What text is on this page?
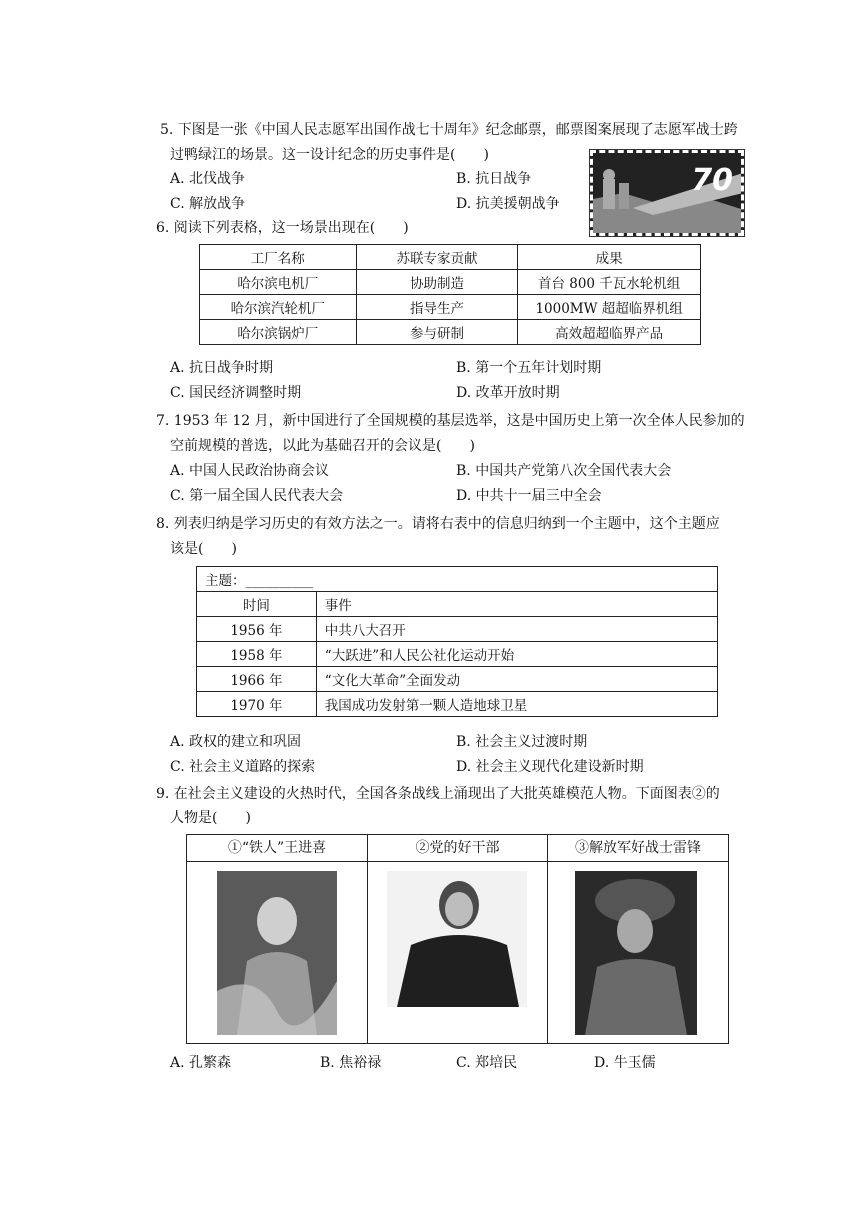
5. 下图是一张《中国人民志愿军出国作战七十周年》纪念邮票，邮票图案展现了志愿军战士跨
过鸭绿江的场景。这一设计纪念的历史事件是(　　)
A. 北伐战争	B. 抗日战争
C. 解放战争	D. 抗美援朝战争
70
6. 阅读下列表格，这一场景出现在(　　)
工厂名称	苏联专家贡献	成果
哈尔滨电机厂	协助制造	首台 800 千瓦水轮机组
哈尔滨汽轮机厂	指导生产	1000MW 超超临界机组
哈尔滨锅炉厂	参与研制	高效超超临界产品
A. 抗日战争时期	B. 第一个五年计划时期
C. 国民经济调整时期	D. 改革开放时期
7. 1953 年 12 月，新中国进行了全国规模的基层选举，这是中国历史上第一次全体人民参加的
空前规模的普选，以此为基础召开的会议是(　　)
A. 中国人民政治协商会议	B. 中国共产党第八次全国代表大会
C. 第一届全国人民代表大会	D. 中共十一届三中全会
8. 列表归纳是学习历史的有效方法之一。请将右表中的信息归纳到一个主题中，这个主题应
该是(　　)
主题：__________	
时间	事件
1956 年	中共八大召开
1958 年	“大跃进”和人民公社化运动开始
1966 年	“文化大革命”全面发动
1970 年	我国成功发射第一颗人造地球卫星
A. 政权的建立和巩固	B. 社会主义过渡时期
C. 社会主义道路的探索	D. 社会主义现代化建设新时期
9. 在社会主义建设的火热时代，全国各条战线上涌现出了大批英雄模范人物。下面图表②的
人物是(　　)
①“铁人”王进喜	②党的好干部	③解放军好战士雷锋
A. 孔繁森	B. 焦裕禄	C. 郑培民	D. 牛玉儒
